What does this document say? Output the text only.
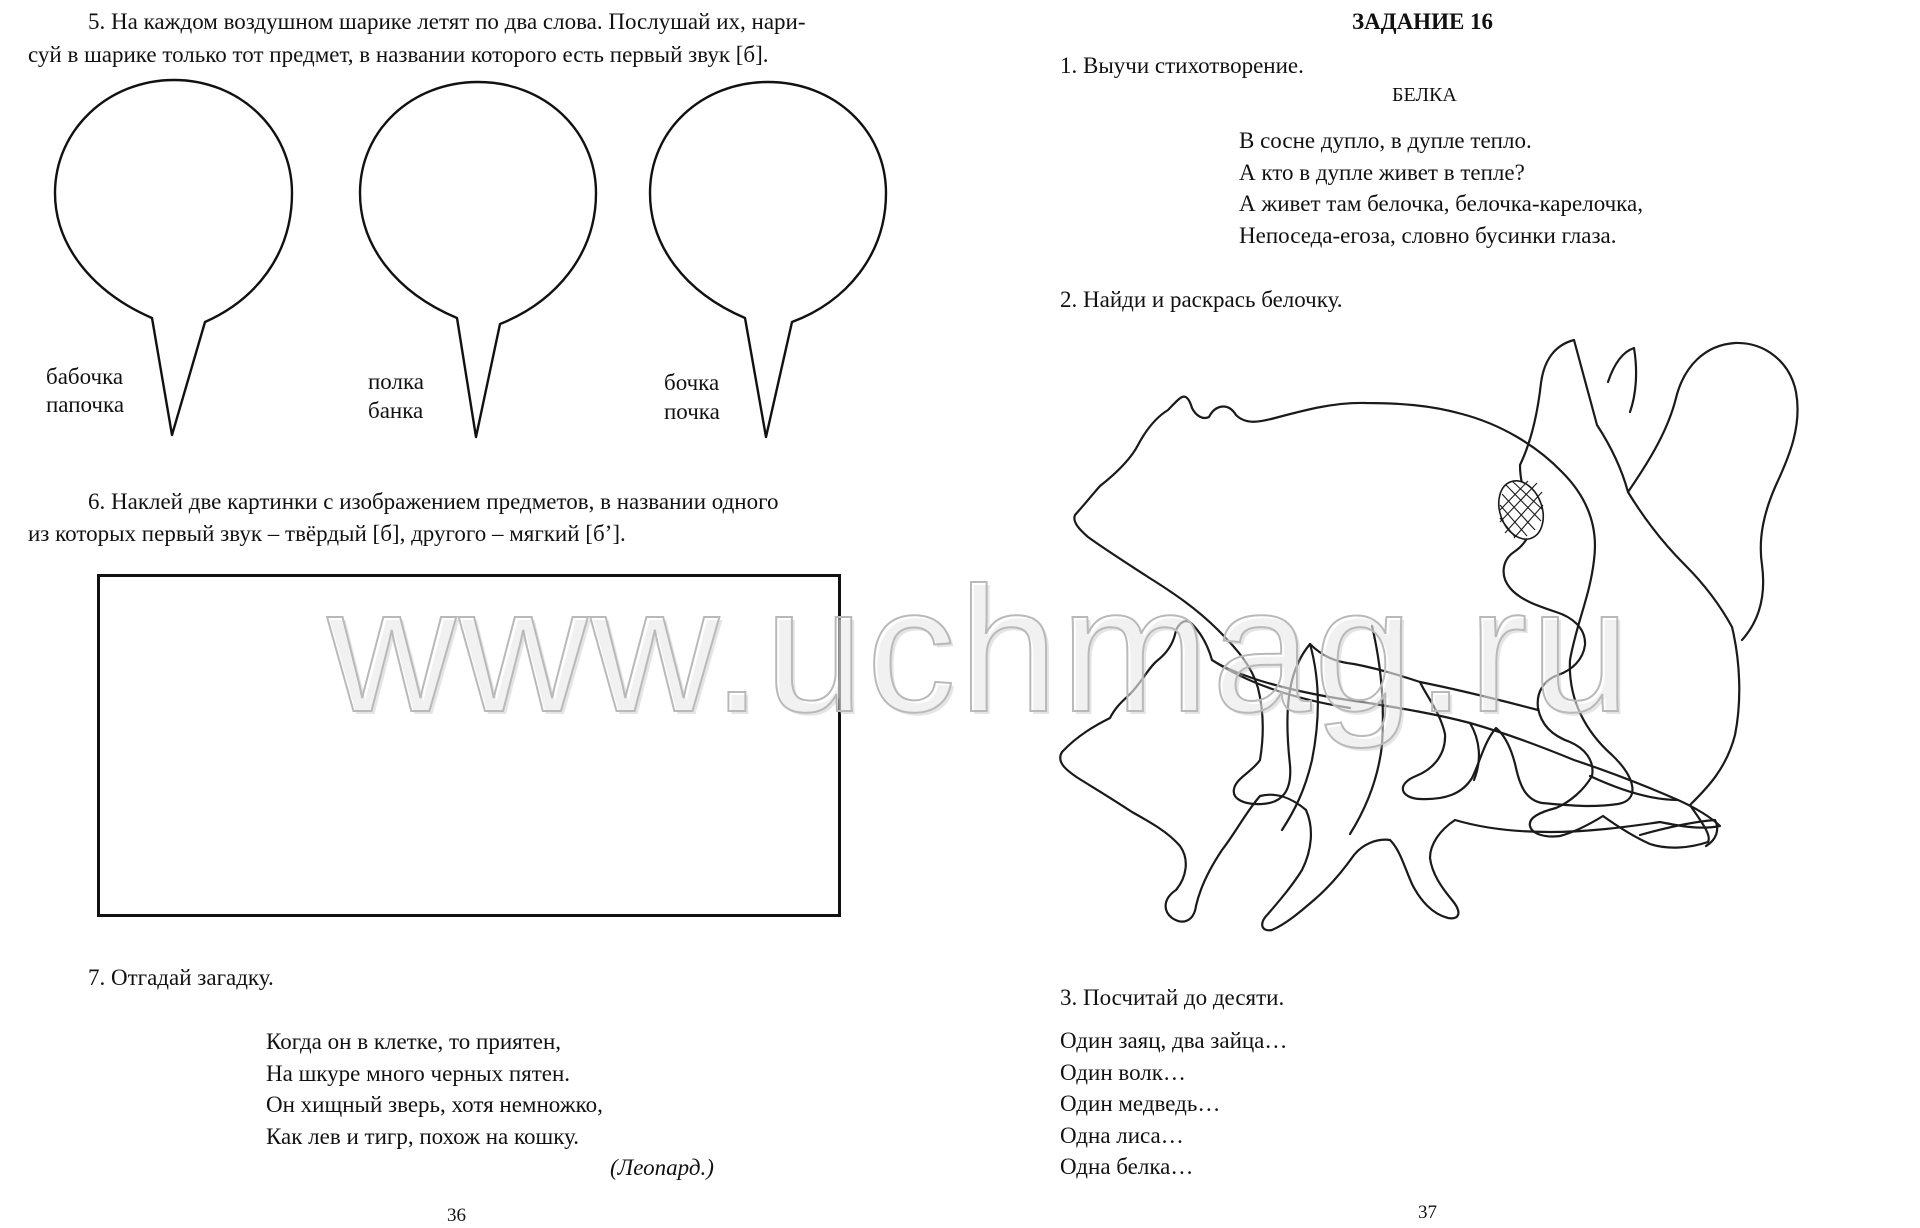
5. На каждом воздушном шарике летят по два слова. Послушай их, нари-
суй в шарике только тот предмет, в названии которого есть первый звук [б].
бабочка
папочка
полка
банка
бочка
почка
6. Наклей две картинки с изображением предметов, в названии одного
из которых первый звук – твёрдый [б], другого – мягкий [б’].
7. Отгадай загадку.
Когда он в клетке, то приятен,
На шкуре много черных пятен.
Он хищный зверь, хотя немножко,
Как лев и тигр, похож на кошку.
(Леопард.)
36
ЗАДАНИЕ 16
1. Выучи стихотворение.
БЕЛКА
В сосне дупло, в дупле тепло.
А кто в дупле живет в тепле?
А живет там белочка, белочка-карелочка,
Непоседа-егоза, словно бусинки глаза.
2. Найди и раскрась белочку.
3. Посчитай до десяти.
Один заяц, два зайца…
Один волк…
Один медведь…
Одна лиса…
Одна белка…
37
www.uchmag.ru
